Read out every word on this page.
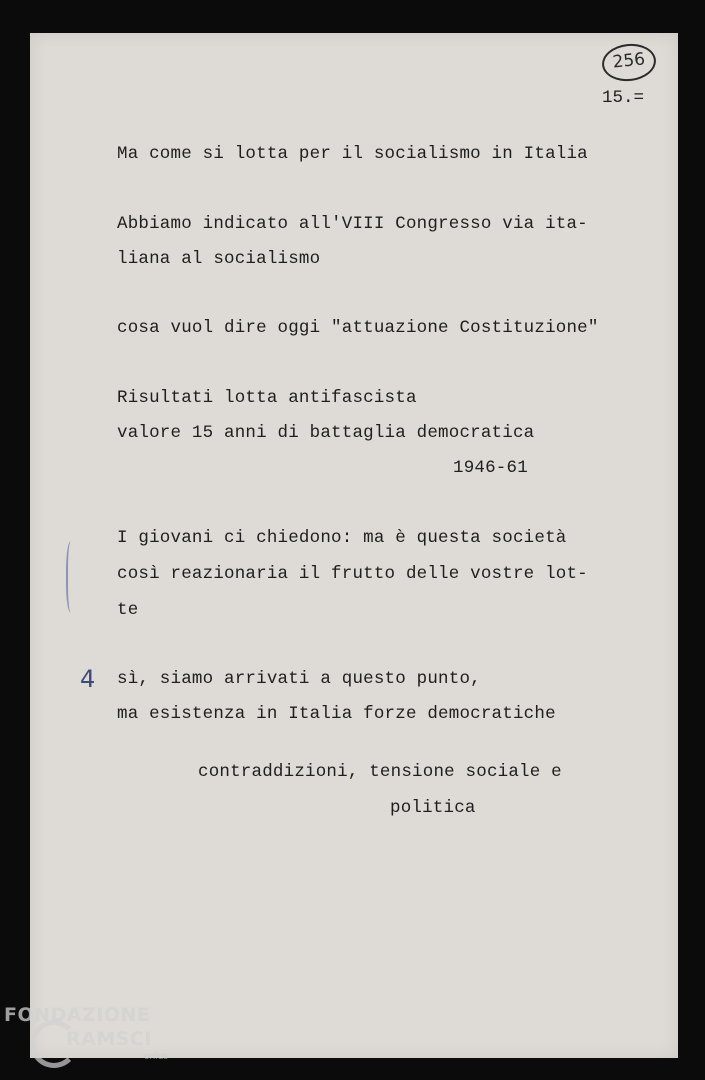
256
15.=
Ma come si lotta per il socialismo in Italia
Abbiamo indicato all'VIII Congresso via ita-
liana al socialismo
cosa vuol dire oggi "attuazione Costituzione"
Risultati lotta antifascista
valore 15 anni di battaglia democratica
1946-61
I giovani ci chiedono: ma è questa società
così reazionaria il frutto delle vostre lot-
te
sì, siamo arrivati a questo punto,
ma esistenza in Italia forze democratiche
contraddizioni, tensione sociale e
politica
4
FONDAZIONE
RAMSCI
onlus
